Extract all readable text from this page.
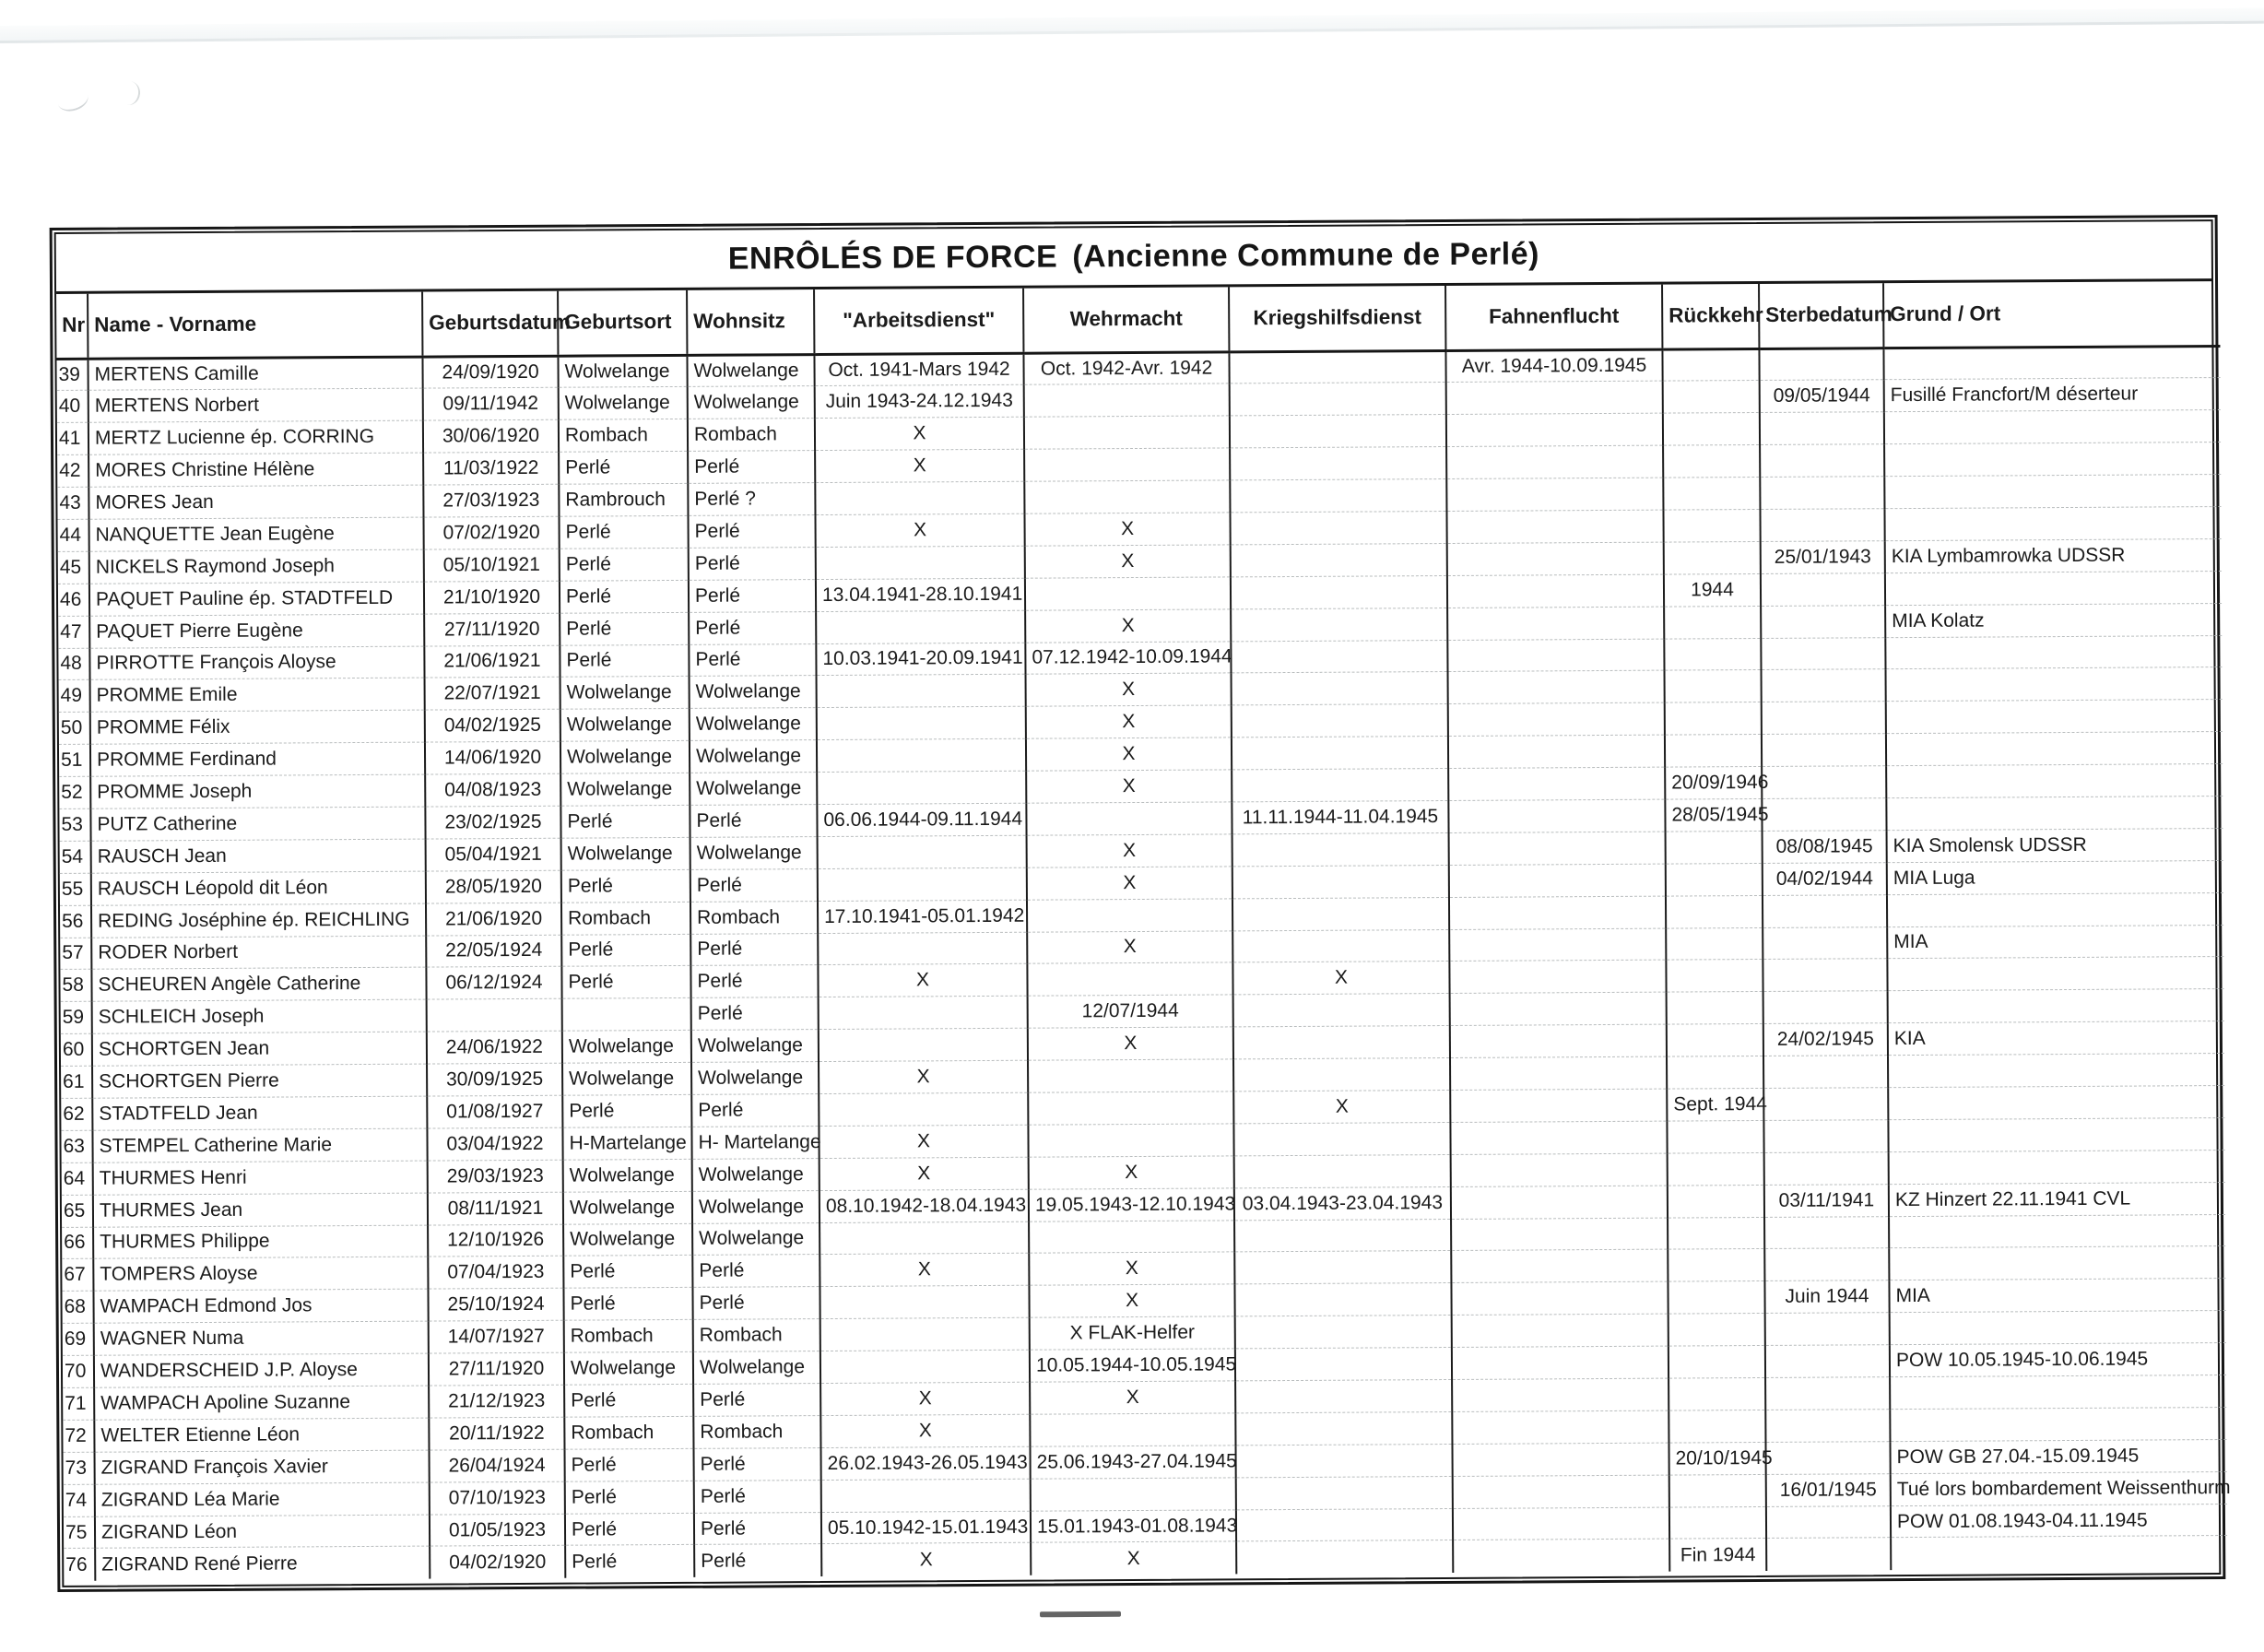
ENRÔLÉS DE FORCE (Ancienne Commune de Perlé)
Nr	Name - Vorname	Geburtsdatum	Geburtsort	Wohnsitz	"Arbeitsdienst"	Wehrmacht	Kriegshilfsdienst	Fahnenflucht	Rückkehr	Sterbedatum	Grund / Ort
39	MERTENS Camille	24/09/1920	Wolwelange	Wolwelange	Oct. 1941-Mars 1942	Oct. 1942-Avr. 1942		Avr. 1944-10.09.1945			
40	MERTENS Norbert	09/11/1942	Wolwelange	Wolwelange	Juin 1943-24.12.1943					09/05/1944	Fusillé Francfort/M déserteur
41	MERTZ Lucienne ép. CORRING	30/06/1920	Rombach	Rombach	X						
42	MORES Christine Hélène	11/03/1922	Perlé	Perlé	X						
43	MORES Jean	27/03/1923	Rambrouch	Perlé ?							
44	NANQUETTE Jean Eugène	07/02/1920	Perlé	Perlé	X	X					
45	NICKELS Raymond Joseph	05/10/1921	Perlé	Perlé		X				25/01/1943	KIA Lymbamrowka UDSSR
46	PAQUET Pauline ép. STADTFELD	21/10/1920	Perlé	Perlé	13.04.1941-28.10.1941				1944		
47	PAQUET Pierre Eugène	27/11/1920	Perlé	Perlé		X					MIA Kolatz
48	PIRROTTE François Aloyse	21/06/1921	Perlé	Perlé	10.03.1941-20.09.1941	07.12.1942-10.09.1944					
49	PROMME Emile	22/07/1921	Wolwelange	Wolwelange		X					
50	PROMME Félix	04/02/1925	Wolwelange	Wolwelange		X					
51	PROMME Ferdinand	14/06/1920	Wolwelange	Wolwelange		X					
52	PROMME Joseph	04/08/1923	Wolwelange	Wolwelange		X			20/09/1946		
53	PUTZ Catherine	23/02/1925	Perlé	Perlé	06.06.1944-09.11.1944		11.11.1944-11.04.1945		28/05/1945		
54	RAUSCH Jean	05/04/1921	Wolwelange	Wolwelange		X				08/08/1945	KIA Smolensk UDSSR
55	RAUSCH Léopold dit Léon	28/05/1920	Perlé	Perlé		X				04/02/1944	MIA Luga
56	REDING Joséphine ép. REICHLING	21/06/1920	Rombach	Rombach	17.10.1941-05.01.1942						
57	RODER Norbert	22/05/1924	Perlé	Perlé		X					MIA
58	SCHEUREN Angèle Catherine	06/12/1924	Perlé	Perlé	X		X				
59	SCHLEICH Joseph			Perlé		12/07/1944					
60	SCHORTGEN Jean	24/06/1922	Wolwelange	Wolwelange		X				24/02/1945	KIA
61	SCHORTGEN Pierre	30/09/1925	Wolwelange	Wolwelange	X						
62	STADTFELD Jean	01/08/1927	Perlé	Perlé			X		Sept. 1944		
63	STEMPEL Catherine Marie	03/04/1922	H-Martelange	H- Martelange	X						
64	THURMES Henri	29/03/1923	Wolwelange	Wolwelange	X	X					
65	THURMES Jean	08/11/1921	Wolwelange	Wolwelange	08.10.1942-18.04.1943	19.05.1943-12.10.1943	03.04.1943-23.04.1943			03/11/1941	KZ Hinzert 22.11.1941 CVL
66	THURMES Philippe	12/10/1926	Wolwelange	Wolwelange							
67	TOMPERS Aloyse	07/04/1923	Perlé	Perlé	X	X					
68	WAMPACH Edmond Jos	25/10/1924	Perlé	Perlé		X				Juin 1944	MIA
69	WAGNER Numa	14/07/1927	Rombach	Rombach		X FLAK-Helfer					
70	WANDERSCHEID J.P. Aloyse	27/11/1920	Wolwelange	Wolwelange		10.05.1944-10.05.1945					POW 10.05.1945-10.06.1945
71	WAMPACH Apoline Suzanne	21/12/1923	Perlé	Perlé	X	X					
72	WELTER Etienne Léon	20/11/1922	Rombach	Rombach	X						
73	ZIGRAND François Xavier	26/04/1924	Perlé	Perlé	26.02.1943-26.05.1943	25.06.1943-27.04.1945			20/10/1945		POW GB 27.04.-15.09.1945
74	ZIGRAND Léa Marie	07/10/1923	Perlé	Perlé						16/01/1945	Tué lors bombardement Weissenthurm
75	ZIGRAND Léon	01/05/1923	Perlé	Perlé	05.10.1942-15.01.1943	15.01.1943-01.08.1943					POW 01.08.1943-04.11.1945
76	ZIGRAND René Pierre	04/02/1920	Perlé	Perlé	X	X			Fin 1944		
